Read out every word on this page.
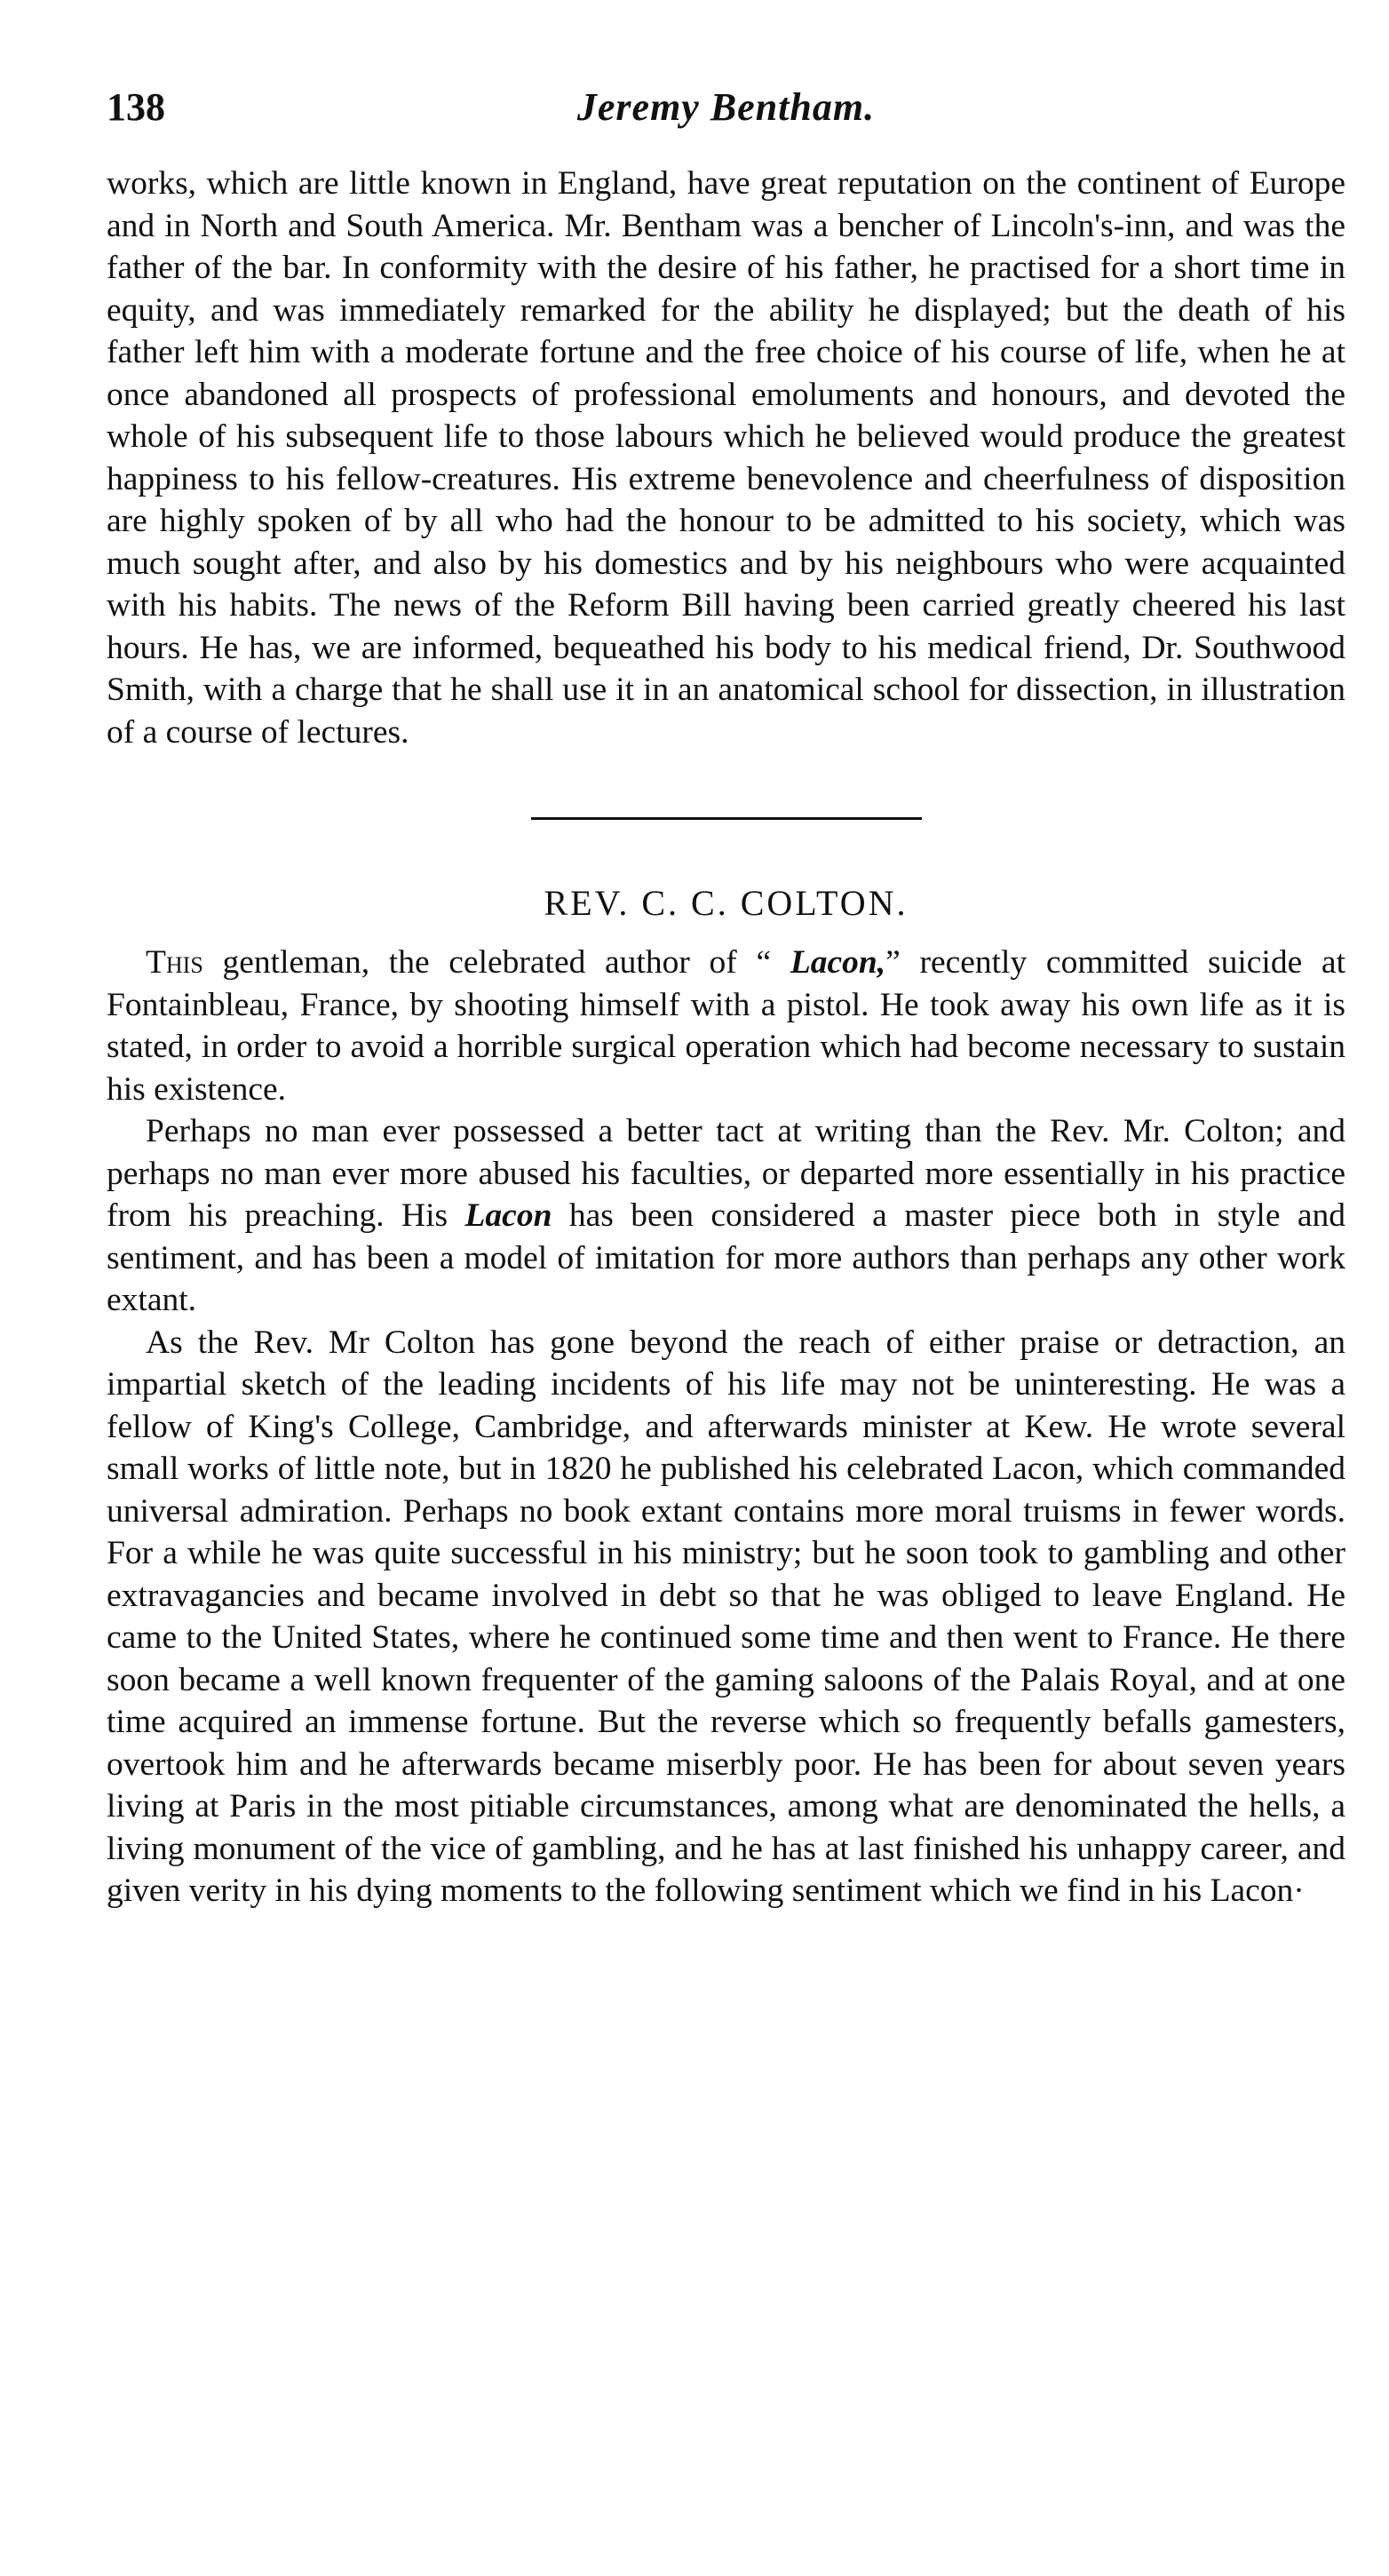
138	Jeremy Bentham.

works, which are little known in England, have great reputation on the continent of Europe and in North and South America. Mr. Bentham was a bencher of Lincoln's-inn, and was the father of the bar. In conformity with the desire of his father, he practised for a short time in equity, and was immediately remarked for the ability he displayed; but the death of his father left him with a moderate fortune and the free choice of his course of life, when he at once abandoned all prospects of professional emoluments and honours, and devoted the whole of his subsequent life to those labours which he believed would produce the greatest happiness to his fellow-creatures. His extreme benevolence and cheerfulness of disposition are highly spoken of by all who had the honour to be admitted to his society, which was much sought after, and also by his domestics and by his neighbours who were acquainted with his habits. The news of the Reform Bill having been carried greatly cheered his last hours. He has, we are informed, bequeathed his body to his medical friend, Dr. Southwood Smith, with a charge that he shall use it in an anatomical school for dissection, in illustration of a course of lectures.

REV. C. C. COLTON.

This gentleman, the celebrated author of “ Lacon,” recently committed suicide at Fontainbleau, France, by shooting himself with a pistol. He took away his own life as it is stated, in order to avoid a horrible surgical operation which had become necessary to sustain his existence.

Perhaps no man ever possessed a better tact at writing than the Rev. Mr. Colton; and perhaps no man ever more abused his faculties, or departed more essentially in his practice from his preaching. His Lacon has been considered a master piece both in style and sentiment, and has been a model of imitation for more authors than perhaps any other work extant.

As the Rev. Mr Colton has gone beyond the reach of either praise or detraction, an impartial sketch of the leading incidents of his life may not be uninteresting. He was a fellow of King's College, Cambridge, and afterwards minister at Kew. He wrote several small works of little note, but in 1820 he published his celebrated Lacon, which commanded universal admiration. Perhaps no book extant contains more moral truisms in fewer words. For a while he was quite successful in his ministry; but he soon took to gambling and other extravagancies and became involved in debt so that he was obliged to leave England. He came to the United States, where he continued some time and then went to France. He there soon became a well known frequenter of the gaming saloons of the Palais Royal, and at one time acquired an immense fortune. But the reverse which so frequently befalls gamesters, overtook him and he afterwards became miserbly poor. He has been for about seven years living at Paris in the most pitiable circumstances, among what are denominated the hells, a living monument of the vice of gambling, and he has at last finished his unhappy career, and given verity in his dying moments to the following sentiment which we find in his Lacon·
